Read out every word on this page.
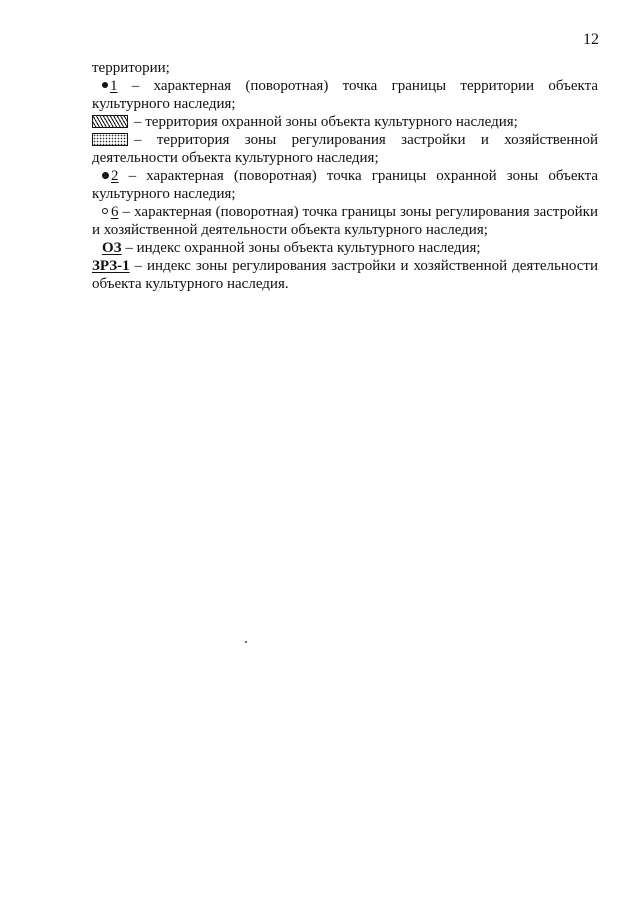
12

территории;

1 – характерная (поворотная) точка границы территории объекта культурного наследия;

– территория охранной зоны объекта культурного наследия;

– территория зоны регулирования застройки и хозяйственной деятельности объекта культурного наследия;

2 – характерная (поворотная) точка границы охранной зоны объекта культурного наследия;

6 – характерная (поворотная) точка границы зоны регулирования застройки и хозяйственной деятельности объекта культурного наследия;

ОЗ – индекс охранной зоны объекта культурного наследия;

ЗРЗ-1 – индекс зоны регулирования застройки и хозяйственной деятельности объекта культурного наследия.
